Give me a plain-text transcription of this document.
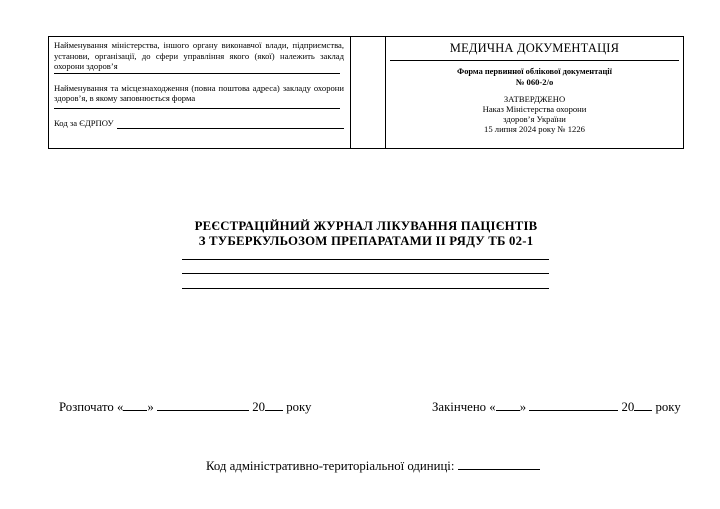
Найменування міністерства, іншого органу виконавчої влади, підприємства, установи, організації, до сфери управління якого (якої) належить заклад охорони здоров’я
Найменування та місцезнаходження (повна поштова адреса) закладу охорони здоров’я, в якому заповнюється форма
Код за ЄДРПОУ
МЕДИЧНА ДОКУМЕНТАЦІЯ
Форма первинної облікової документації
№ 060-2/о
ЗАТВЕРДЖЕНО
Наказ Міністерства охорони
здоров’я України
15 липня 2024 року № 1226
РЕЄСТРАЦІЙНИЙ ЖУРНАЛ ЛІКУВАННЯ ПАЦІЄНТІВ
З ТУБЕРКУЛЬОЗОМ ПРЕПАРАТАМИ ІІ РЯДУ ТБ 02-1
Розпочато « »	20 року	Закінчено « »	20 року
Код адміністративно-територіальної одиниці:
